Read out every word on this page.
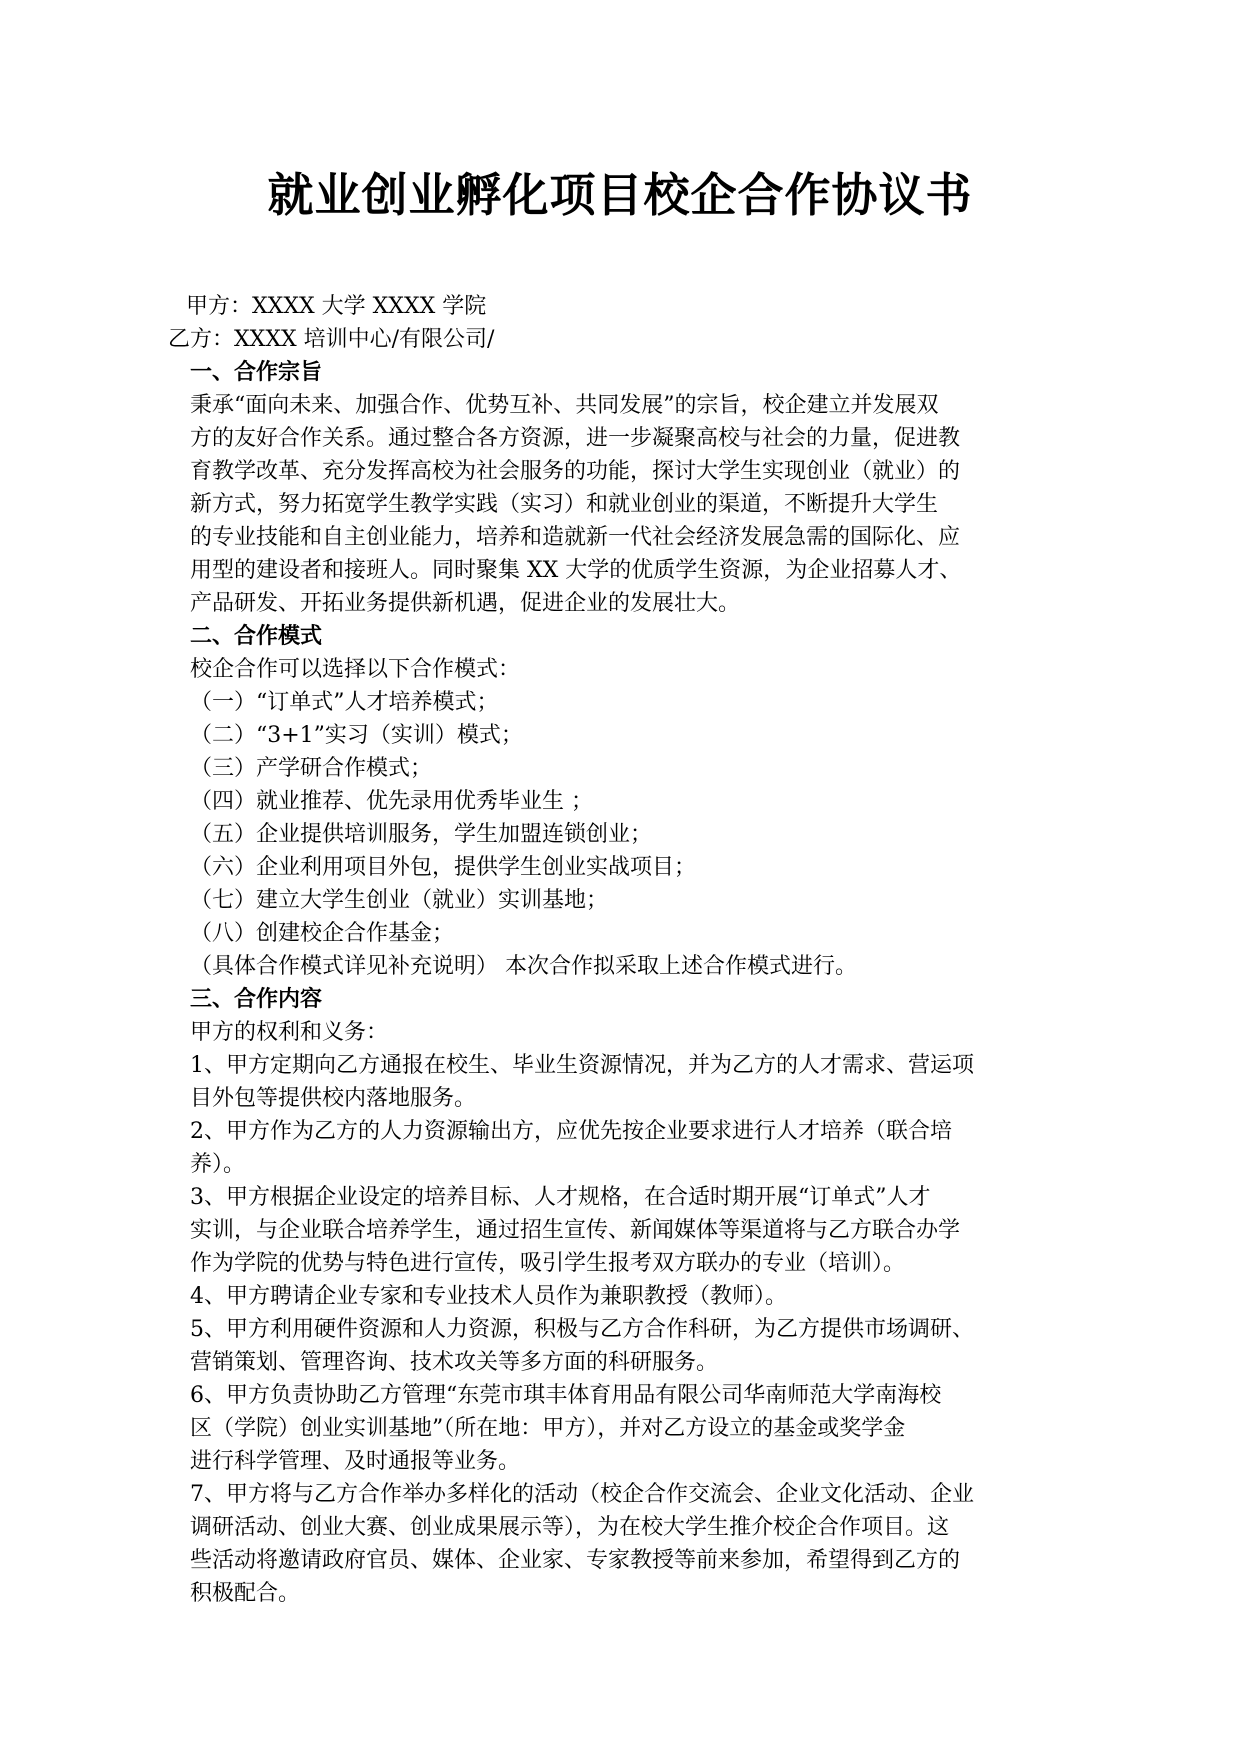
就业创业孵化项目校企合作协议书
甲方：XXXX 大学 XXXX 学院
乙方：XXXX 培训中心/有限公司/
一、合作宗旨
秉承“面向未来、加强合作、优势互补、共同发展”的宗旨，校企建立并发展双
方的友好合作关系。通过整合各方资源，进一步凝聚高校与社会的力量，促进教
育教学改革、充分发挥高校为社会服务的功能，探讨大学生实现创业（就业）的
新方式，努力拓宽学生教学实践（实习）和就业创业的渠道，不断提升大学生
的专业技能和自主创业能力，培养和造就新一代社会经济发展急需的国际化、应
用型的建设者和接班人。同时聚集 XX 大学的优质学生资源，为企业招募人才、
产品研发、开拓业务提供新机遇，促进企业的发展壮大。
二、合作模式
校企合作可以选择以下合作模式：
（一）“订单式”人才培养模式；
（二）“3+1”实习（实训）模式；
（三）产学研合作模式；
（四）就业推荐、优先录用优秀毕业生 ；
（五）企业提供培训服务，学生加盟连锁创业；
（六）企业利用项目外包，提供学生创业实战项目；
（七）建立大学生创业（就业）实训基地；
（八）创建校企合作基金；
（具体合作模式详见补充说明） 本次合作拟采取上述合作模式进行。
三、合作内容
甲方的权利和义务：
1、甲方定期向乙方通报在校生、毕业生资源情况，并为乙方的人才需求、营运项
目外包等提供校内落地服务。
2、甲方作为乙方的人力资源输出方，应优先按企业要求进行人才培养（联合培
养）。
3、甲方根据企业设定的培养目标、人才规格，在合适时期开展“订单式”人才
实训，与企业联合培养学生，通过招生宣传、新闻媒体等渠道将与乙方联合办学
作为学院的优势与特色进行宣传，吸引学生报考双方联办的专业（培训）。
4、甲方聘请企业专家和专业技术人员作为兼职教授（教师）。
5、甲方利用硬件资源和人力资源，积极与乙方合作科研，为乙方提供市场调研、
营销策划、管理咨询、技术攻关等多方面的科研服务。
6、甲方负责协助乙方管理“东莞市琪丰体育用品有限公司华南师范大学南海校
区（学院）创业实训基地”（所在地：甲方），并对乙方设立的基金或奖学金
进行科学管理、及时通报等业务。
7、甲方将与乙方合作举办多样化的活动（校企合作交流会、企业文化活动、企业
调研活动、创业大赛、创业成果展示等），为在校大学生推介校企合作项目。这
些活动将邀请政府官员、媒体、企业家、专家教授等前来参加，希望得到乙方的
积极配合。
